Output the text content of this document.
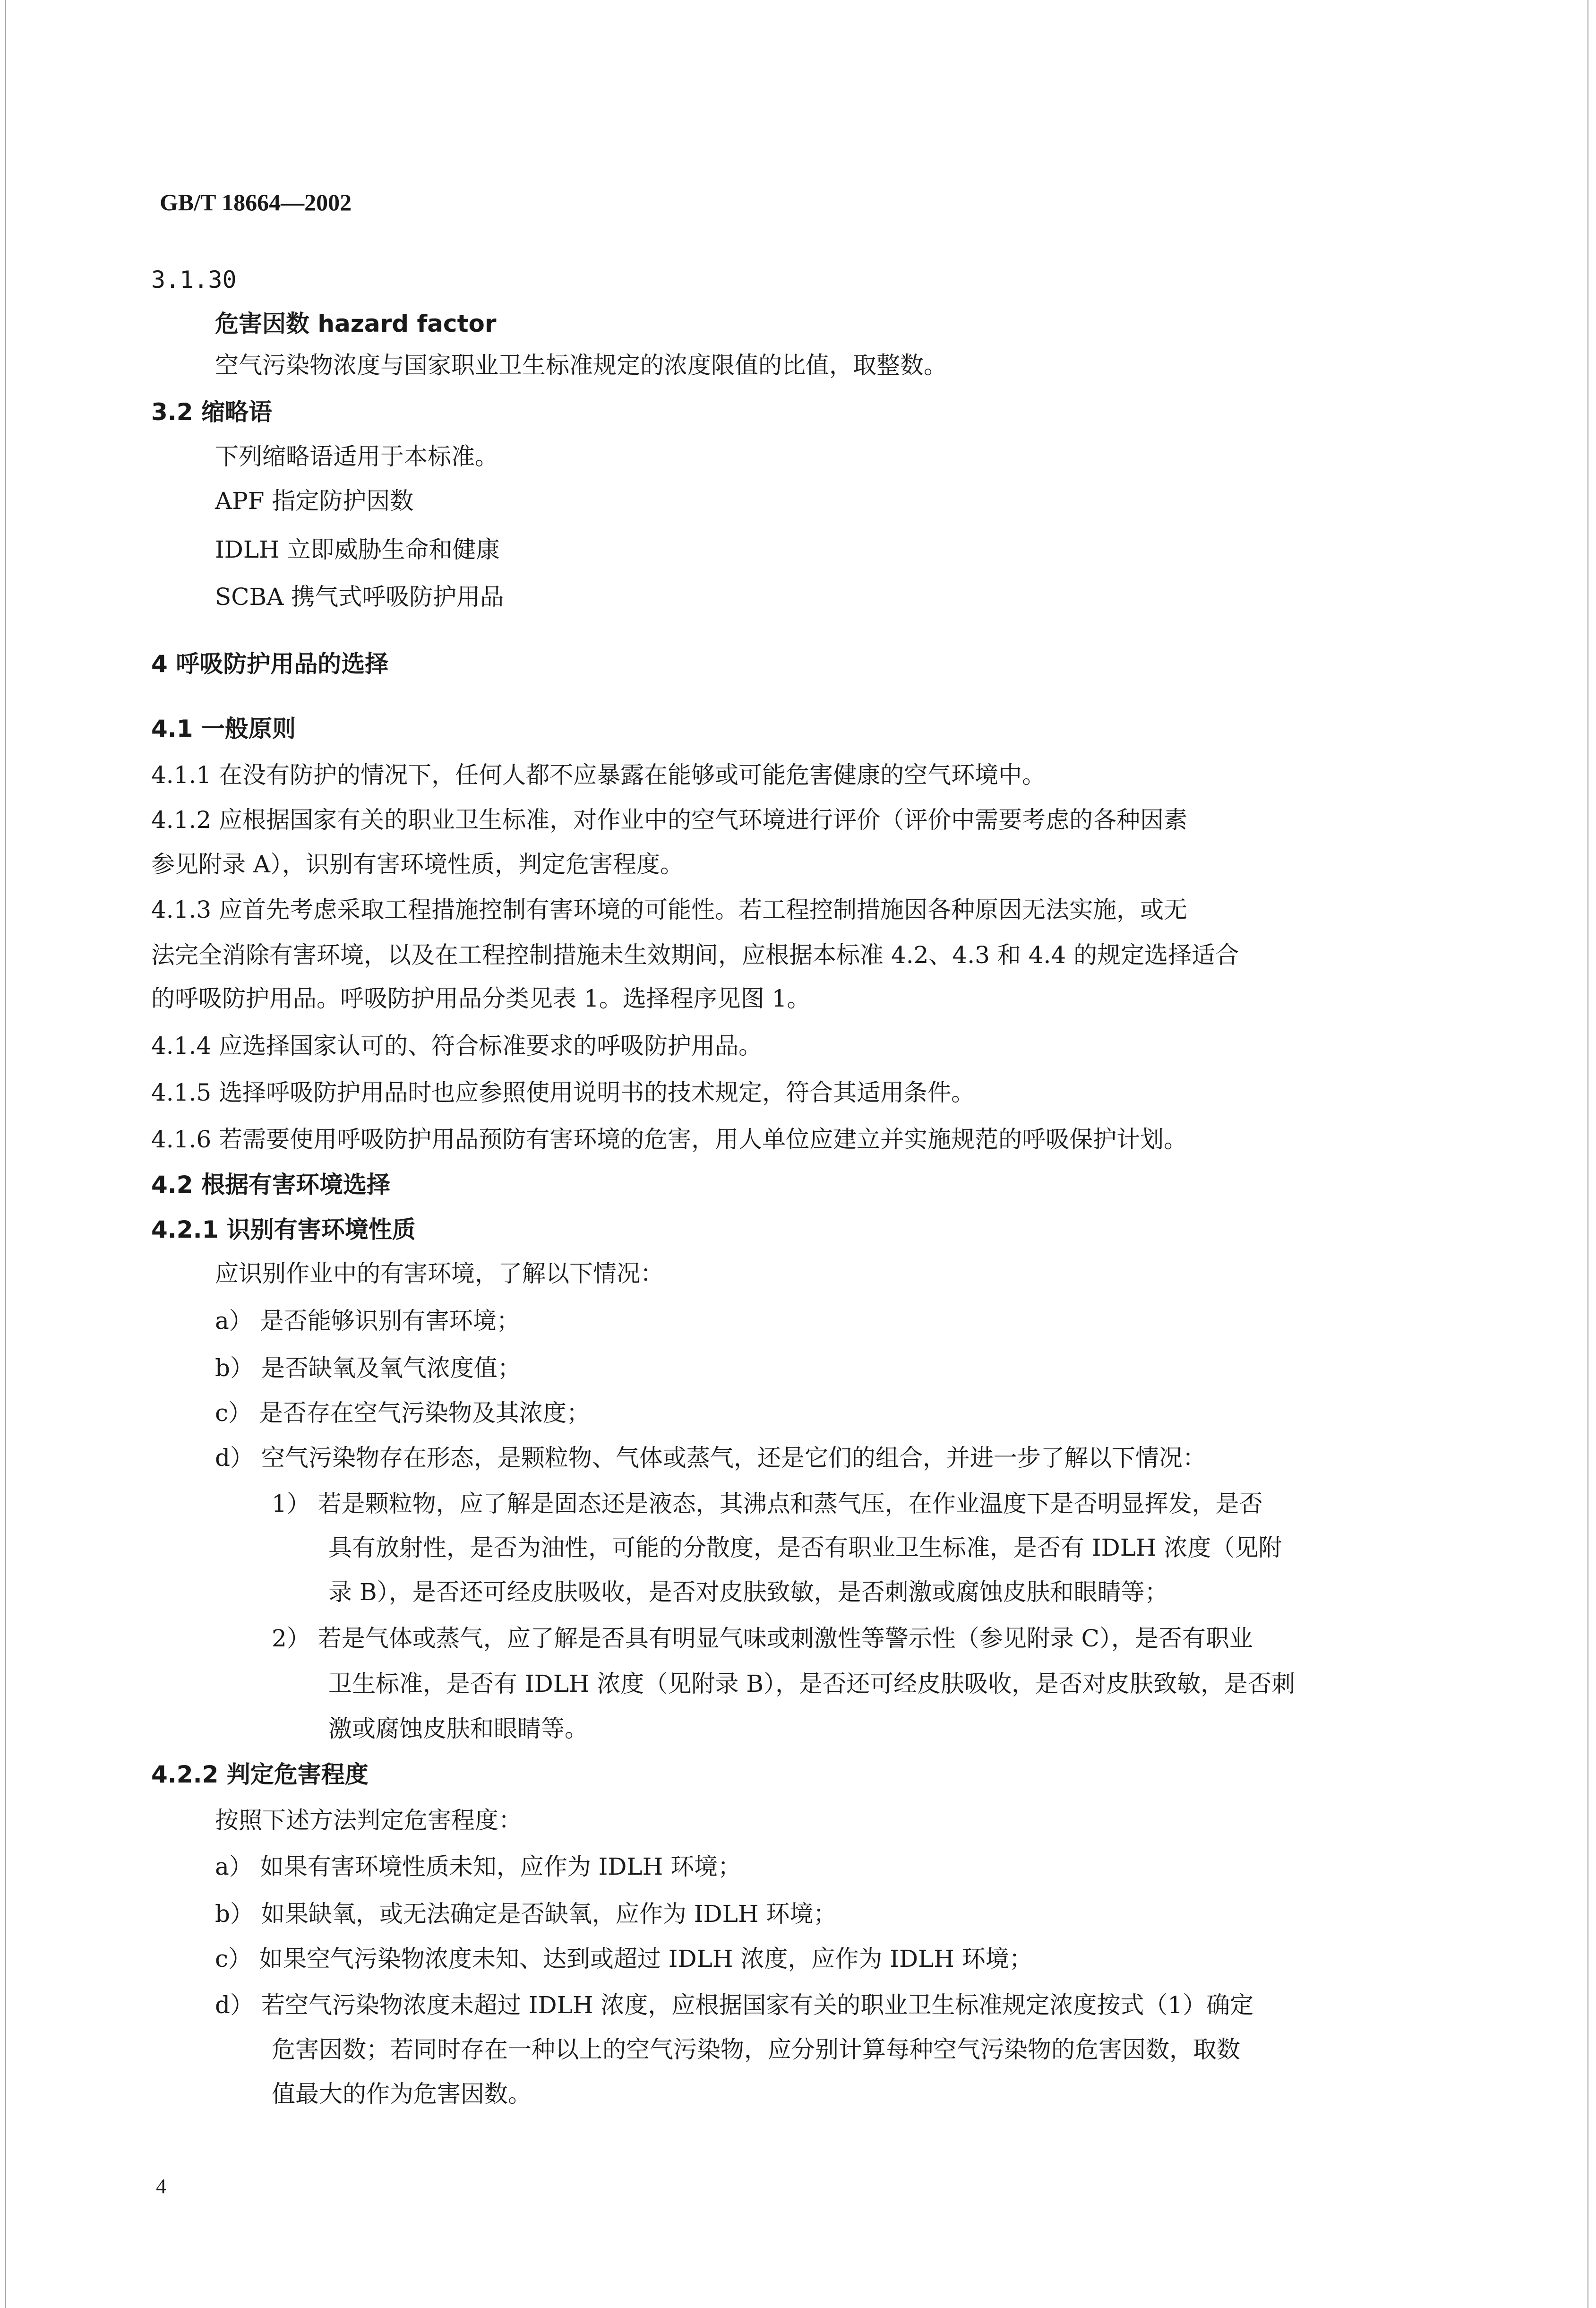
GB/T 18664—2002
3.1.30
危害因数 hazard factor
空气污染物浓度与国家职业卫生标准规定的浓度限值的比值，取整数。
3.2 缩略语
下列缩略语适用于本标准。
APF 指定防护因数
IDLH 立即威胁生命和健康
SCBA 携气式呼吸防护用品
4 呼吸防护用品的选择
4.1 一般原则
4.1.1 在没有防护的情况下，任何人都不应暴露在能够或可能危害健康的空气环境中。
4.1.2 应根据国家有关的职业卫生标准，对作业中的空气环境进行评价（评价中需要考虑的各种因素
参见附录 A），识别有害环境性质，判定危害程度。
4.1.3 应首先考虑采取工程措施控制有害环境的可能性。若工程控制措施因各种原因无法实施，或无
法完全消除有害环境，以及在工程控制措施未生效期间，应根据本标准 4.2、4.3 和 4.4 的规定选择适合
的呼吸防护用品。呼吸防护用品分类见表 1。选择程序见图 1。
4.1.4 应选择国家认可的、符合标准要求的呼吸防护用品。
4.1.5 选择呼吸防护用品时也应参照使用说明书的技术规定，符合其适用条件。
4.1.6 若需要使用呼吸防护用品预防有害环境的危害，用人单位应建立并实施规范的呼吸保护计划。
4.2 根据有害环境选择
4.2.1 识别有害环境性质
应识别作业中的有害环境，了解以下情况：
a） 是否能够识别有害环境；
b） 是否缺氧及氧气浓度值；
c） 是否存在空气污染物及其浓度；
d） 空气污染物存在形态，是颗粒物、气体或蒸气，还是它们的组合，并进一步了解以下情况：
1） 若是颗粒物，应了解是固态还是液态，其沸点和蒸气压，在作业温度下是否明显挥发，是否
具有放射性，是否为油性，可能的分散度，是否有职业卫生标准，是否有 IDLH 浓度（见附
录 B），是否还可经皮肤吸收，是否对皮肤致敏，是否刺激或腐蚀皮肤和眼睛等；
2） 若是气体或蒸气，应了解是否具有明显气味或刺激性等警示性（参见附录 C），是否有职业
卫生标准，是否有 IDLH 浓度（见附录 B），是否还可经皮肤吸收，是否对皮肤致敏，是否刺
激或腐蚀皮肤和眼睛等。
4.2.2 判定危害程度
按照下述方法判定危害程度：
a） 如果有害环境性质未知，应作为 IDLH 环境；
b） 如果缺氧，或无法确定是否缺氧，应作为 IDLH 环境；
c） 如果空气污染物浓度未知、达到或超过 IDLH 浓度，应作为 IDLH 环境；
d） 若空气污染物浓度未超过 IDLH 浓度，应根据国家有关的职业卫生标准规定浓度按式（1）确定
危害因数；若同时存在一种以上的空气污染物，应分别计算每种空气污染物的危害因数，取数
值最大的作为危害因数。
4
